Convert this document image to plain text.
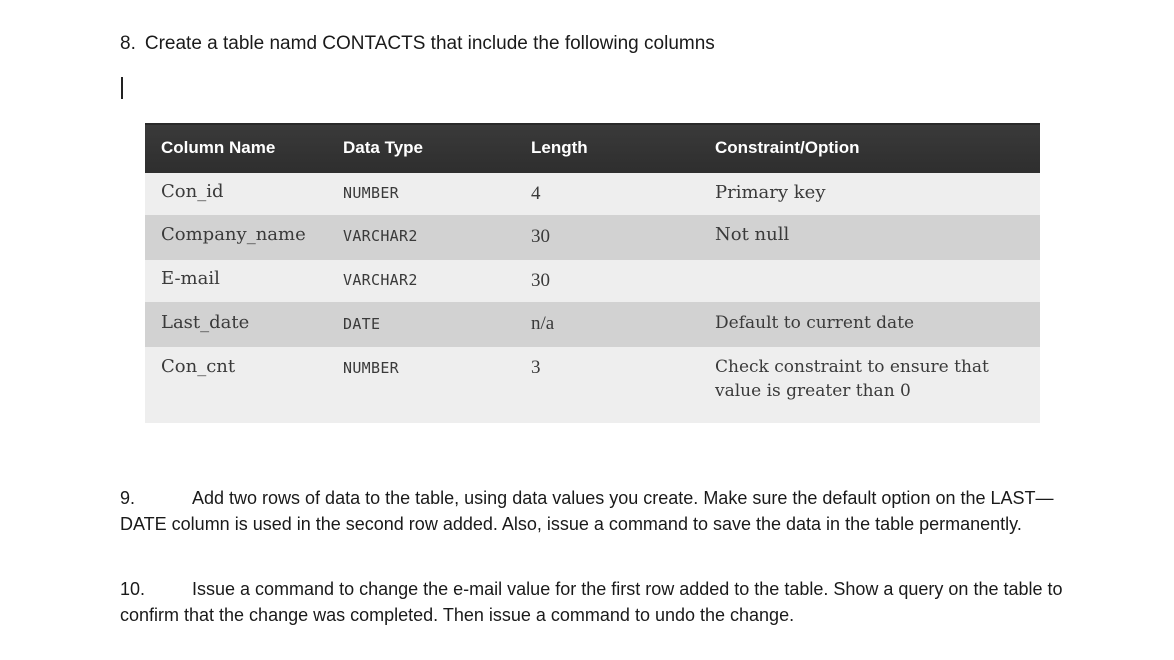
8. Create a table namd CONTACTS that include the following columns
Column Name	Data Type	Length	Constraint/Option
Con_id	NUMBER	4	Primary key
Company_name VARCHAR2	30	Not null
E-mail	VARCHAR2	30
Last_date	DATE	n/a	Default to current date
Con_cnt	NUMBER	3	Check constraint to ensure that
value is greater than 0
9.	Add two rows of data to the table, using data values you create. Make sure the default option on the LAST—DATE column is used in the second row added. Also, issue a command to save the data in the table permanently.
10.	Issue a command to change the e-mail value for the first row added to the table. Show a query on the table to confirm that the change was completed. Then issue a command to undo the change.
